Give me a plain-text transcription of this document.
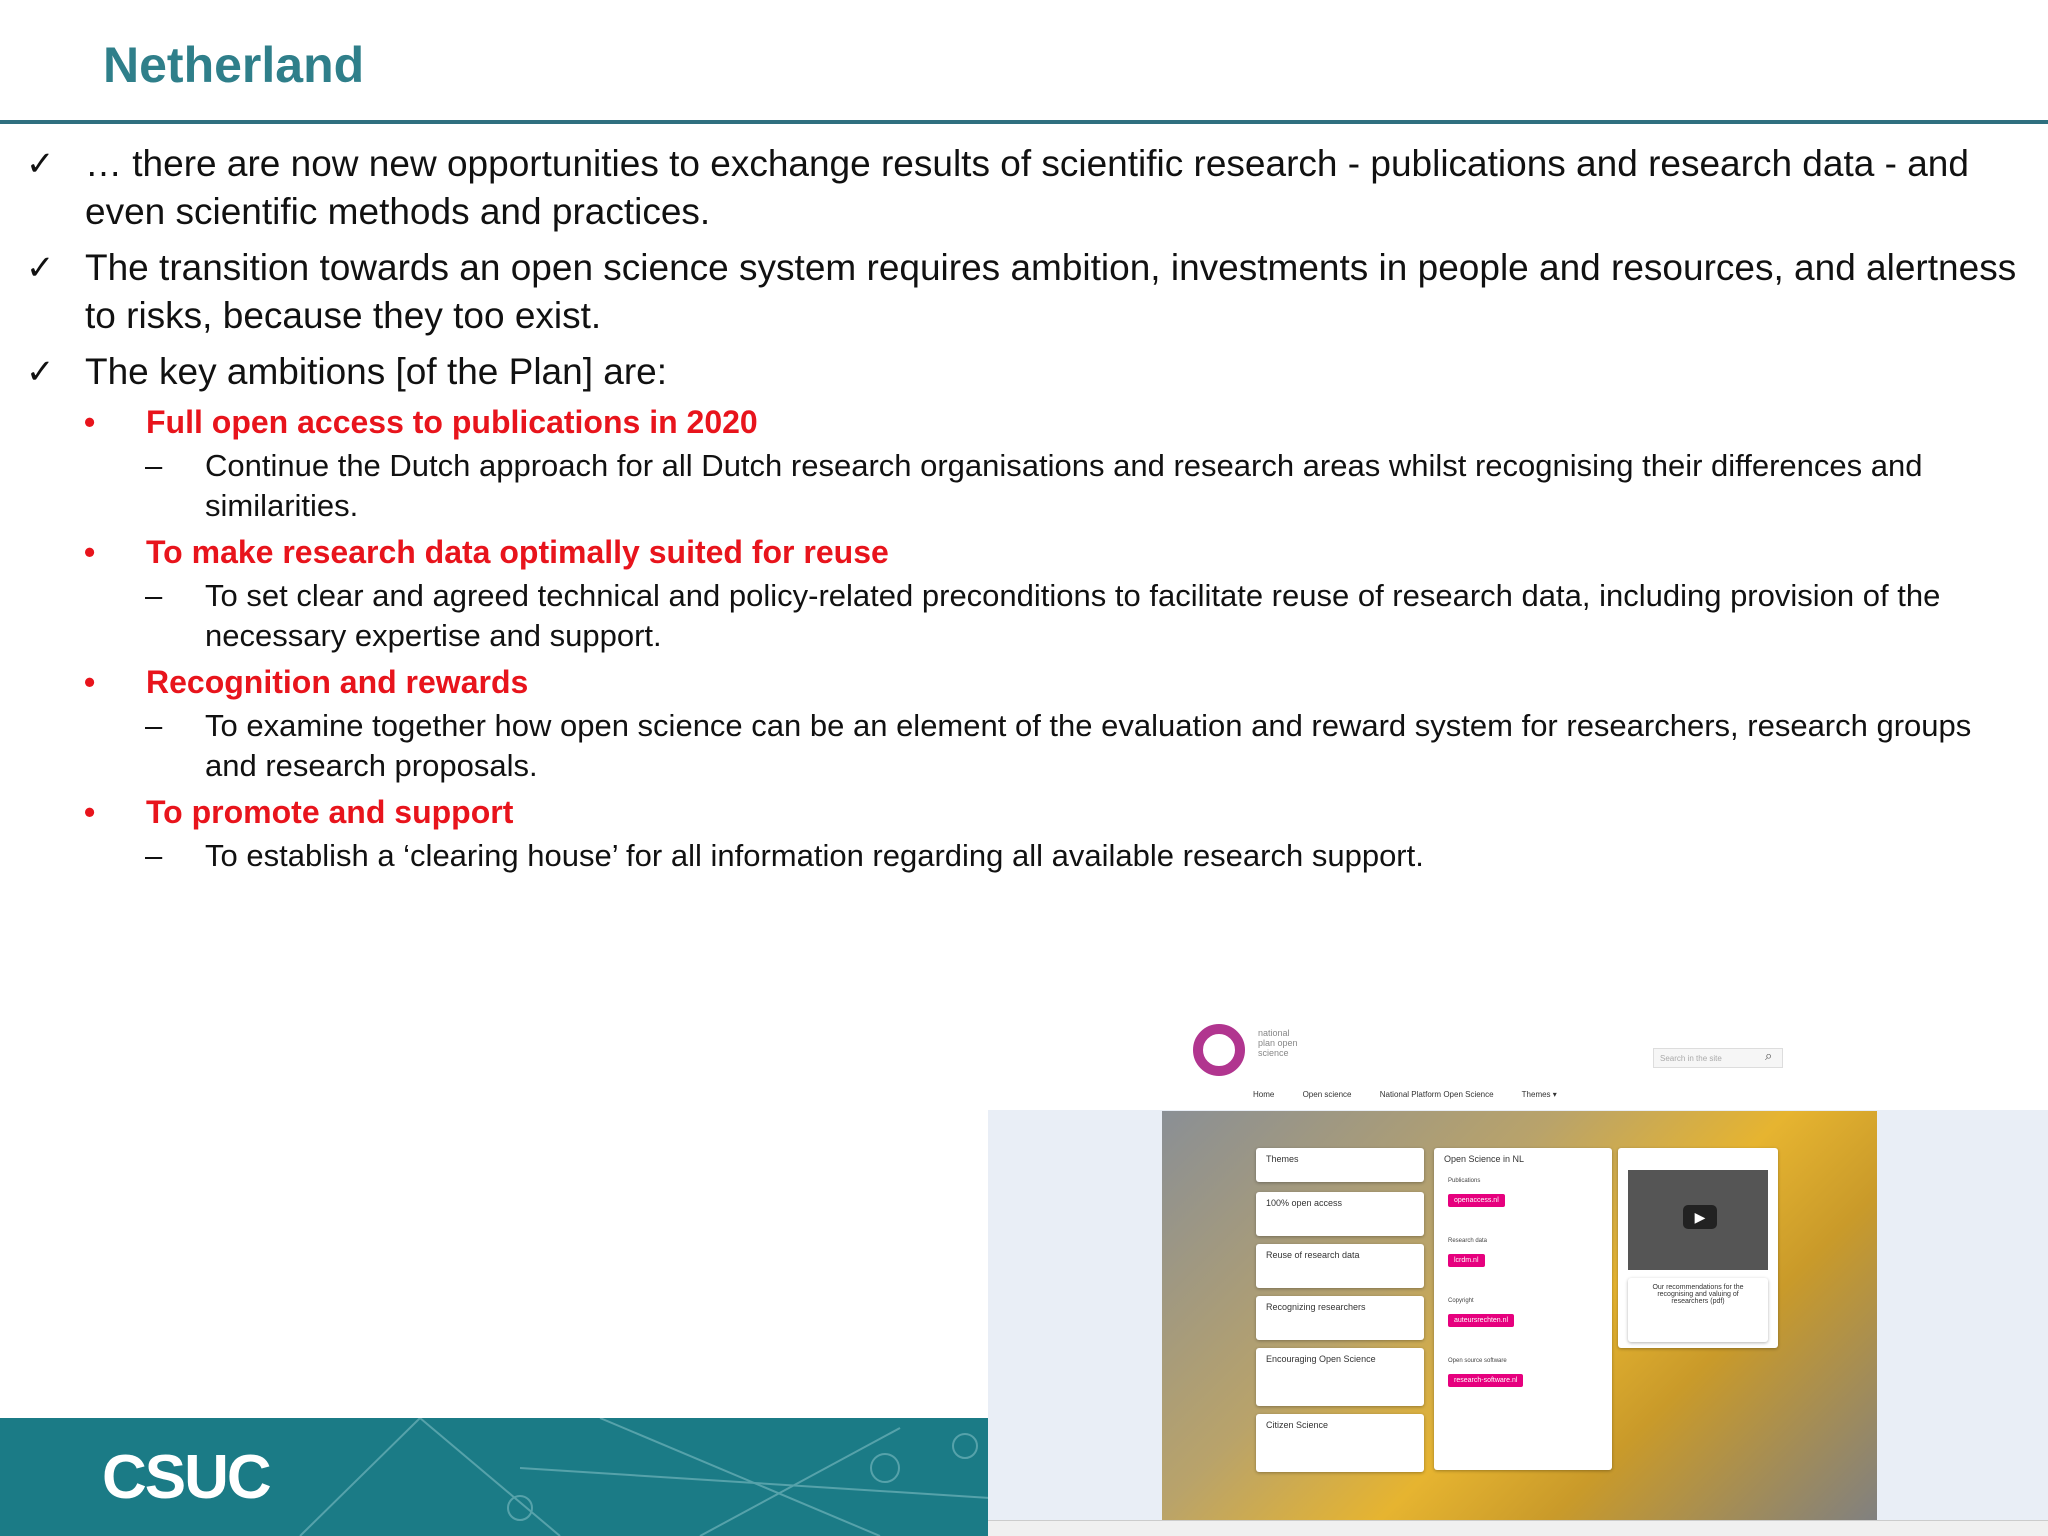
Netherland
✓ … there are now new opportunities to exchange results of scientific research - publications and research data - and even scientific methods and practices.
✓ The transition towards an open science system requires ambition, investments in people and resources, and alertness to risks, because they too exist.
✓ The key ambitions [of the Plan] are:
• Full open access to publications in 2020
– Continue the Dutch approach for all Dutch research organisations and research areas whilst recognising their differences and similarities.
• To make research data optimally suited for reuse
– To set clear and agreed technical and policy-related preconditions to facilitate reuse of research data, including provision of the necessary expertise and support.
• Recognition and rewards
– To examine together how open science can be an element of the evaluation and reward system for researchers, research groups and research proposals.
• To promote and support
– To establish a ‘clearing house’ for all information regarding all available research support.
CSUC
national plan open science
Search in the site	⌕
Home	Open science	National Platform Open Science	Themes ▾
Themes
100% open access
Reuse of research data
Recognizing researchers
Encouraging Open Science
Citizen Science
Open Science in NL
Publications
openaccess.nl
Research data
lcrdm.nl
Copyright
auteursrechten.nl
Open source software
research-software.nl
▶
Our recommendations for the recognising and valuing of researchers (pdf)
